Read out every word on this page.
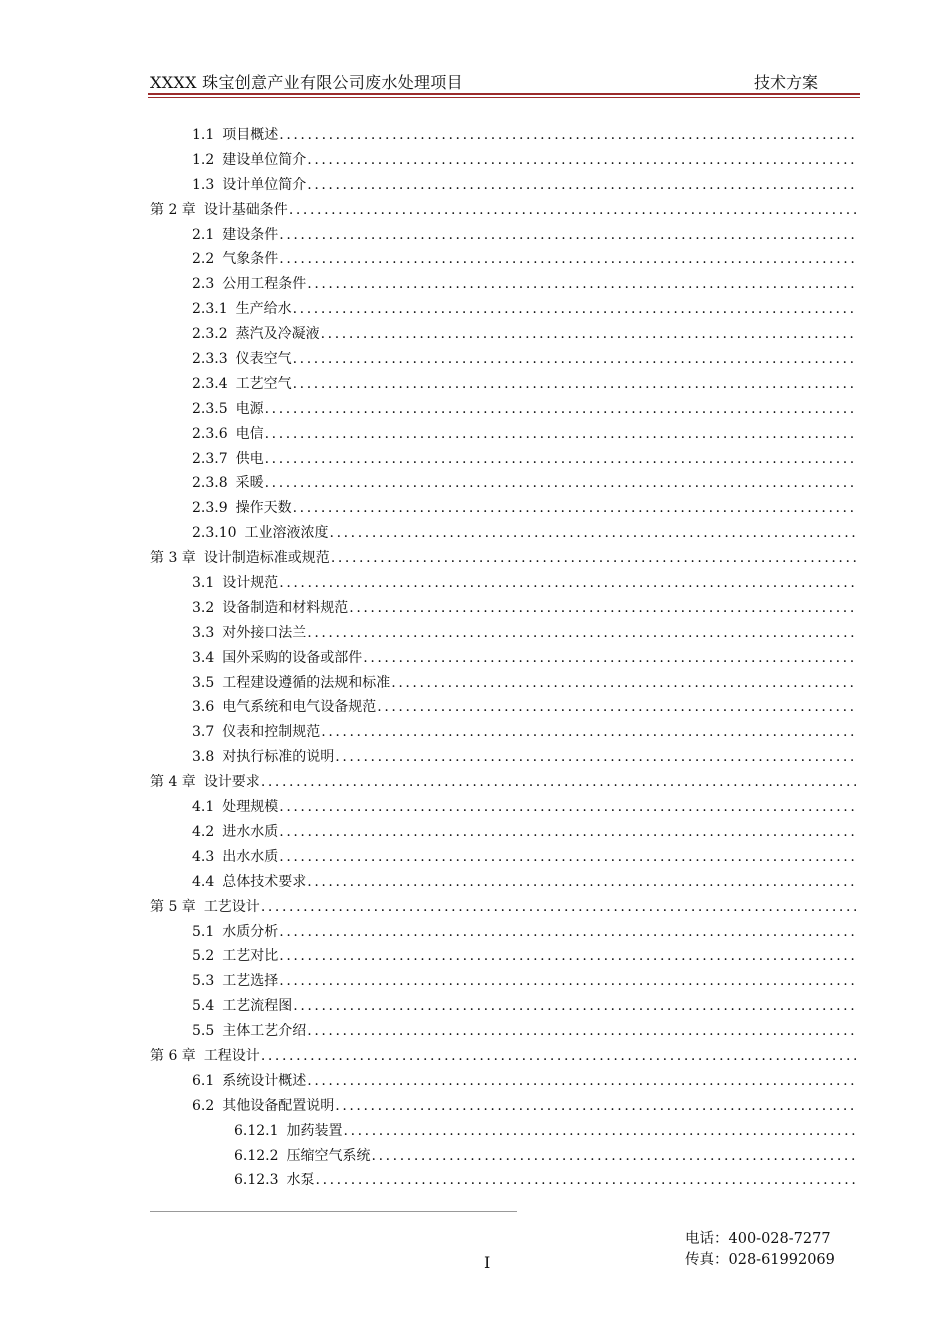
XXXX 珠宝创意产业有限公司废水处理项目	技术方案
1.1 项目概述
.....
1.2 建设单位简介
.....
1.3 设计单位简介
.....
第 2 章 设计基础条件
.....
2.1 建设条件
.....
2.2 气象条件
.....
2.3 公用工程条件
.....
2.3.1 生产给水
.....
2.3.2 蒸汽及冷凝液
.....
2.3.3 仪表空气
.....
2.3.4 工艺空气
.....
2.3.5 电源
.....
2.3.6 电信
.....
2.3.7 供电
.....
2.3.8 采暖
.....
2.3.9 操作天数
.....
2.3.10 工业溶液浓度
.....
第 3 章 设计制造标准或规范
.....
3.1 设计规范
.....
3.2 设备制造和材料规范
.....
3.3 对外接口法兰
.....
3.4 国外采购的设备或部件
.....
3.5 工程建设遵循的法规和标准
.....
3.6 电气系统和电气设备规范
.....
3.7 仪表和控制规范
.....
3.8 对执行标准的说明
.....
第 4 章 设计要求
.....
4.1 处理规模
.....
4.2 进水水质
.....
4.3 出水水质
.....
4.4 总体技术要求
.....
第 5 章 工艺设计
.....
5.1 水质分析
.....
5.2 工艺对比
.....
5.3 工艺选择
.....
5.4 工艺流程图
.....
5.5 主体工艺介绍
.....
第 6 章 工程设计
.....
6.1 系统设计概述
.....
6.2 其他设备配置说明
.....
6.12.1 加药装置
.....
6.12.2 压缩空气系统
.....
6.12.3 水泵
.....
电话：400-028-7277
传真：028-61992069
I
